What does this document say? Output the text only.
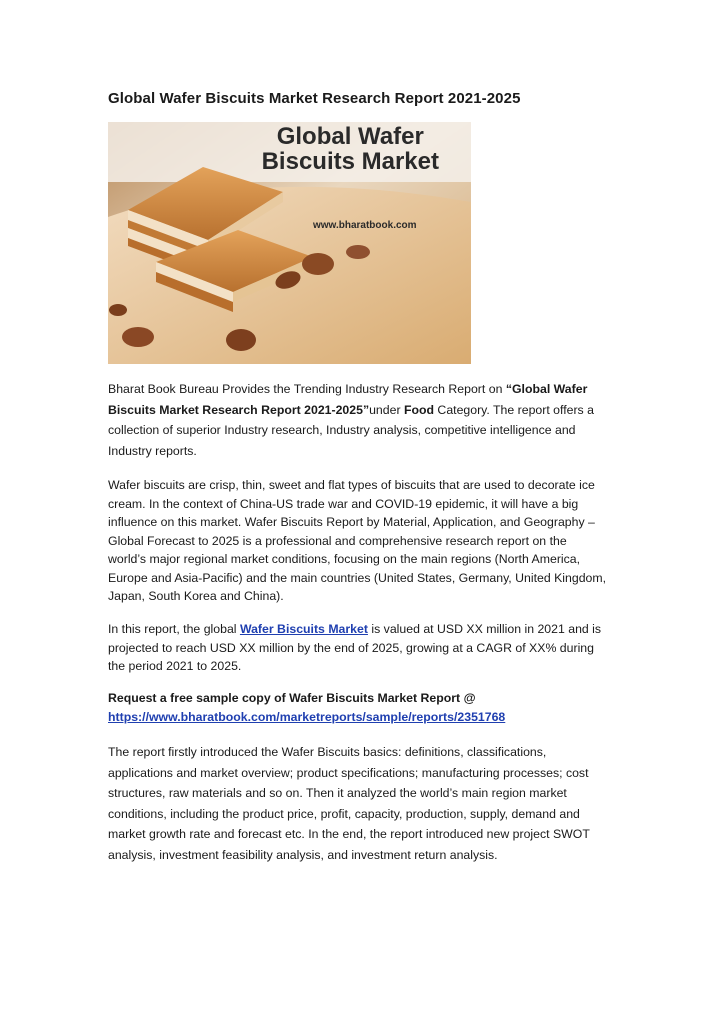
Global Wafer Biscuits Market Research Report 2021-2025
Global Wafer
Biscuits Market
www.bharatbook.com

Bharat Book Bureau Provides the Trending Industry Research Report on “Global Wafer Biscuits Market Research Report 2021-2025”under Food Category. The report offers a collection of superior Industry research, Industry analysis, competitive intelligence and Industry reports.

Wafer biscuits are crisp, thin, sweet and flat types of biscuits that are used to decorate ice cream. In the context of China-US trade war and COVID-19 epidemic, it will have a big influence on this market. Wafer Biscuits Report by Material, Application, and Geography – Global Forecast to 2025 is a professional and comprehensive research report on the world’s major regional market conditions, focusing on the main regions (North America, Europe and Asia-Pacific) and the main countries (United States, Germany, United Kingdom, Japan, South Korea and China).

In this report, the global Wafer Biscuits Market is valued at USD XX million in 2021 and is projected to reach USD XX million by the end of 2025, growing at a CAGR of XX% during the period 2021 to 2025.

Request a free sample copy of Wafer Biscuits Market Report @
https://www.bharatbook.com/marketreports/sample/reports/2351768

The report firstly introduced the Wafer Biscuits basics: definitions, classifications, applications and market overview; product specifications; manufacturing processes; cost structures, raw materials and so on. Then it analyzed the world’s main region market conditions, including the product price, profit, capacity, production, supply, demand and market growth rate and forecast etc. In the end, the report introduced new project SWOT analysis, investment feasibility analysis, and investment return analysis.
